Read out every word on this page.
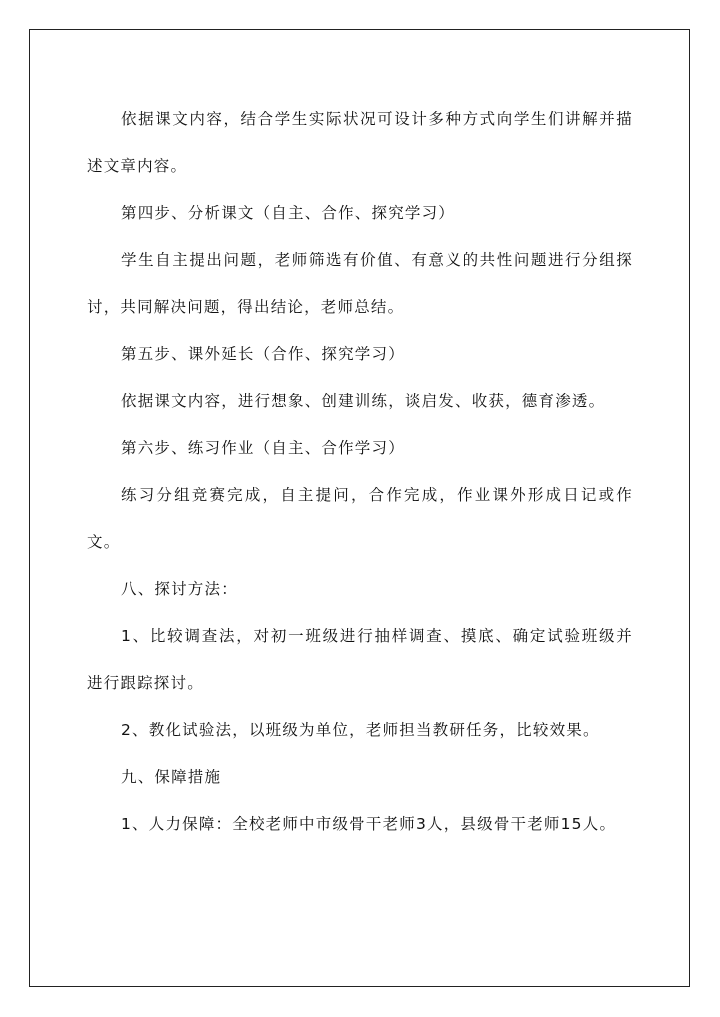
依据课文内容，结合学生实际状况可设计多种方式向学生们讲解并描述文章内容。

第四步、分析课文（自主、合作、探究学习）

学生自主提出问题，老师筛选有价值、有意义的共性问题进行分组探讨，共同解决问题，得出结论，老师总结。

第五步、课外延长（合作、探究学习）

依据课文内容，进行想象、创建训练，谈启发、收获，德育渗透。

第六步、练习作业（自主、合作学习）

练习分组竞赛完成，自主提问，合作完成，作业课外形成日记或作文。

八、探讨方法：

1、比较调查法，对初一班级进行抽样调查、摸底、确定试验班级并进行跟踪探讨。

2、教化试验法，以班级为单位，老师担当教研任务，比较效果。

九、保障措施

1、人力保障：全校老师中市级骨干老师3人，县级骨干老师15人。
